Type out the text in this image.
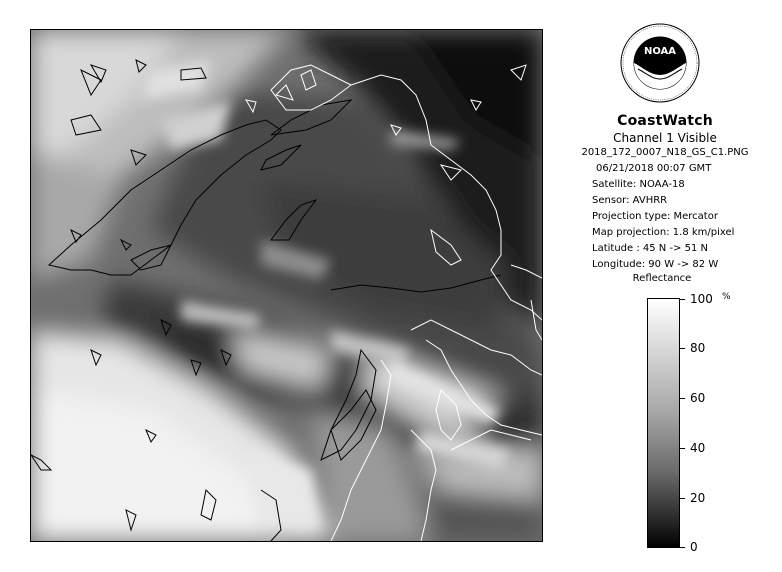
NOAA
CoastWatch
Channel 1 Visible
2018_172_0007_N18_GS_C1.PNG
06/21/2018 00:07 GMT
Satellite: NOAA-18
Sensor: AVHRR
Projection type: Mercator
Map projection: 1.8 km/pixel
Latitude : 45 N -> 51 N
Longitude: 90 W -> 82 W
Reflectance
%
100
80
60
40
20
0
